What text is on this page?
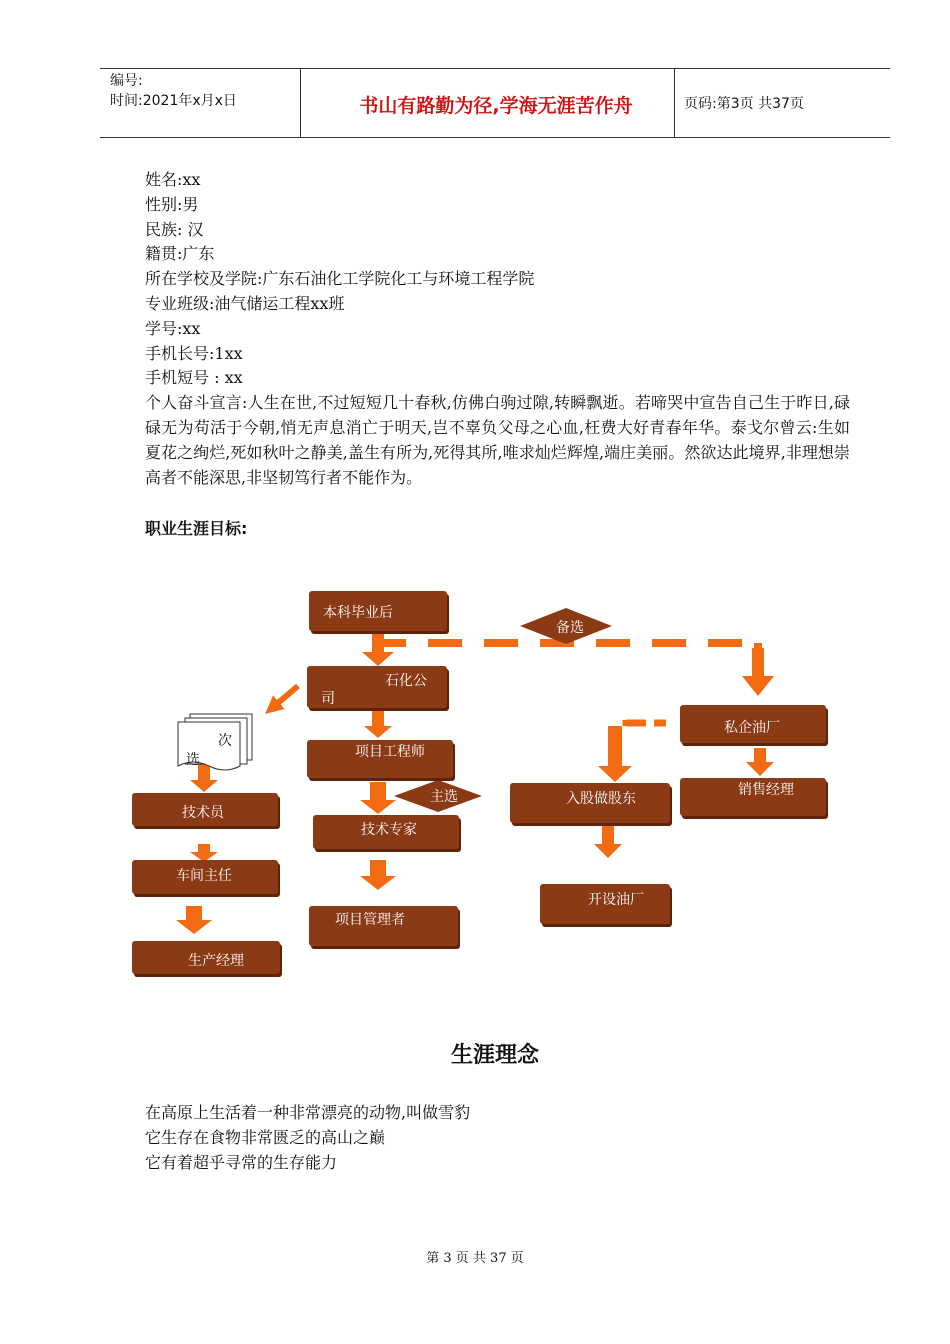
编号:
时间:2021年x月x日	书山有路勤为径,学海无涯苦作舟	页码:第3页 共37页
姓名:xx
性别:男
民族: 汉
籍贯:广东
所在学校及学院:广东石油化工学院化工与环境工程学院
专业班级:油气储运工程xx班
学号:xx
手机长号:1xx
手机短号 : xx
个人奋斗宣言:人生在世,不过短短几十春秋,仿佛白驹过隙,转瞬飘逝。若啼哭中宣告自己生于昨日,碌碌无为苟活于今朝,悄无声息消亡于明天,岂不辜负父母之心血,枉费大好青春年华。泰戈尔曾云:生如夏花之绚烂,死如秋叶之静美,盖生有所为,死得其所,唯求灿烂辉煌,端庄美丽。然欲达此境界,非理想崇高者不能深思,非坚韧笃行者不能作为。
职业生涯目标:
本科毕业后
备选
石化公
司
次
选	项目工程师
主选
技术专家
项目管理者
技术员
车间主任
生产经理
私企油厂
销售经理
入股做股东
开设油厂
生涯理念
在高原上生活着一种非常漂亮的动物,叫做雪豹
它生存在食物非常匮乏的高山之巅
它有着超乎寻常的生存能力
第 3 页 共 37 页
